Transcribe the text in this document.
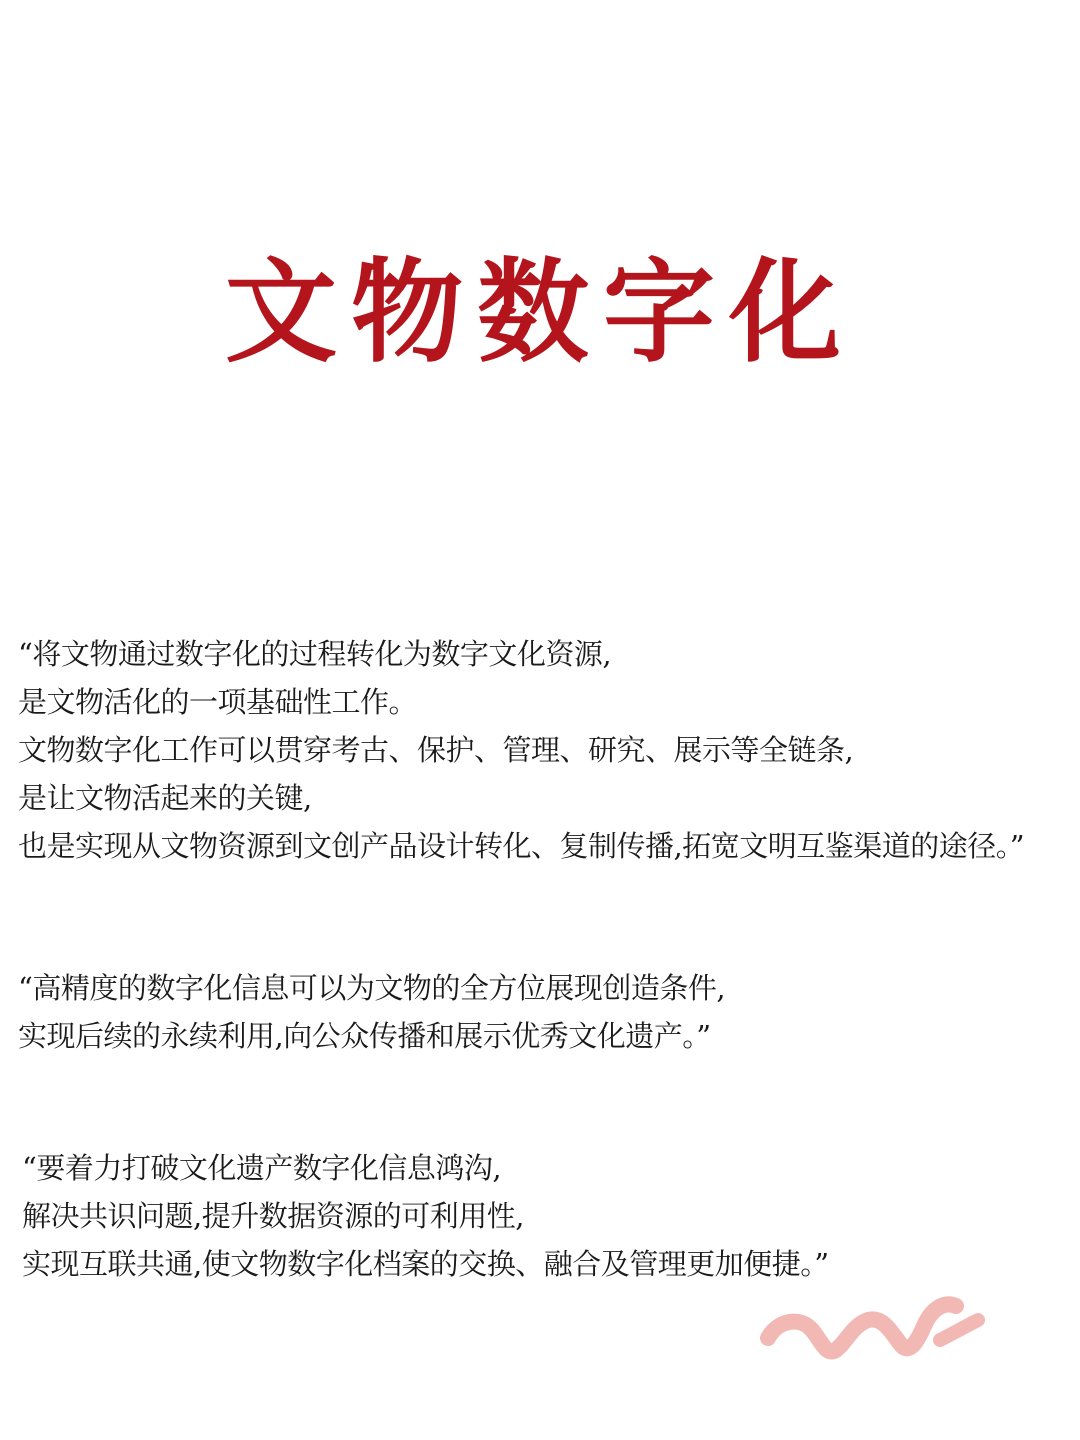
文物数字化
“将文物通过数字化的过程转化为数字文化资源,
是文物活化的一项基础性工作。
文物数字化工作可以贯穿考古、保护、管理、研究、展示等全链条,
是让文物活起来的关键,
也是实现从文物资源到文创产品设计转化、复制传播,拓宽文明互鉴渠道的途径。”
“高精度的数字化信息可以为文物的全方位展现创造条件,
实现后续的永续利用,向公众传播和展示优秀文化遗产。”
“要着力打破文化遗产数字化信息鸿沟,
解决共识问题,提升数据资源的可利用性,
实现互联共通,使文物数字化档案的交换、融合及管理更加便捷。”
